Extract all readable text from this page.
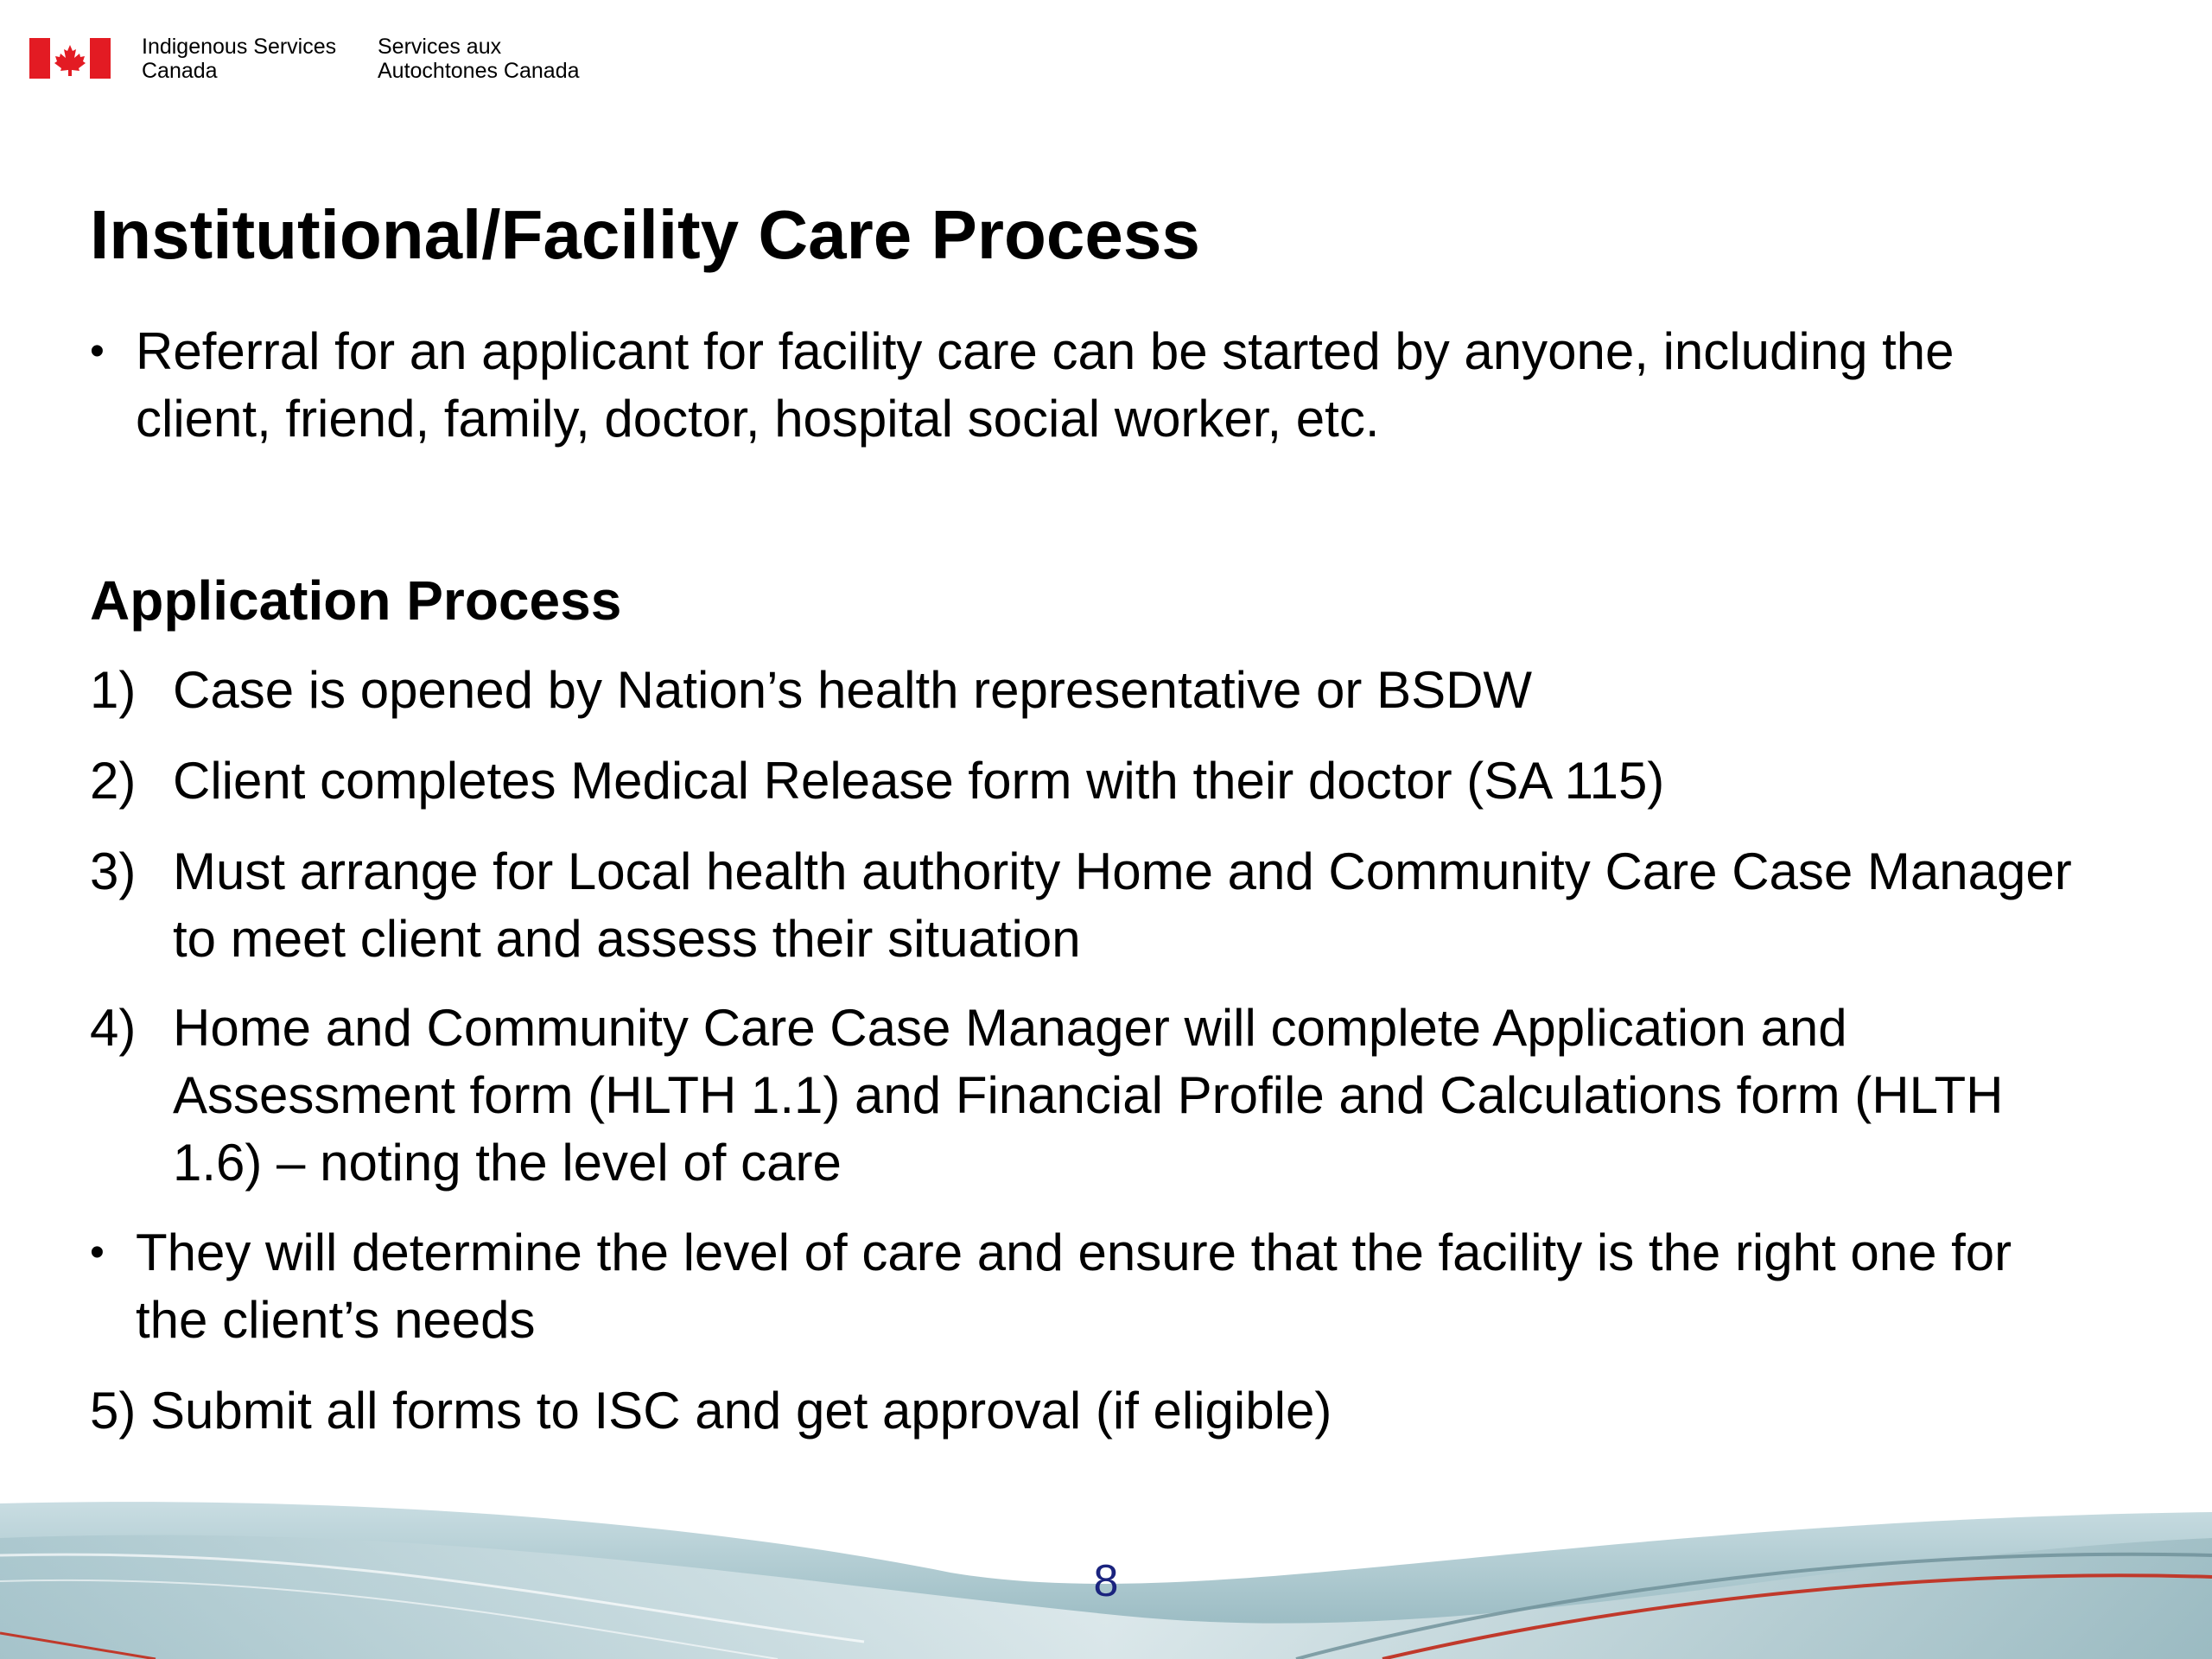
Indigenous Services
Canada
Services aux
Autochtones Canada
Institutional/Facility Care Process
• Referral for an applicant for facility care can be started by anyone, including the client, friend, family, doctor, hospital social worker, etc.
Application Process
1) Case is opened by Nation’s health representative or BSDW
2) Client completes Medical Release form with their doctor (SA 115)
3) Must arrange for Local health authority Home and Community Care Case Manager to meet client and assess their situation
4) Home and Community Care Case Manager will complete Application and Assessment form (HLTH 1.1) and Financial Profile and Calculations form (HLTH 1.6) – noting the level of care
• They will determine the level of care and ensure that the facility is the right one for the client’s needs
5) Submit all forms to ISC and get approval (if eligible)
8
